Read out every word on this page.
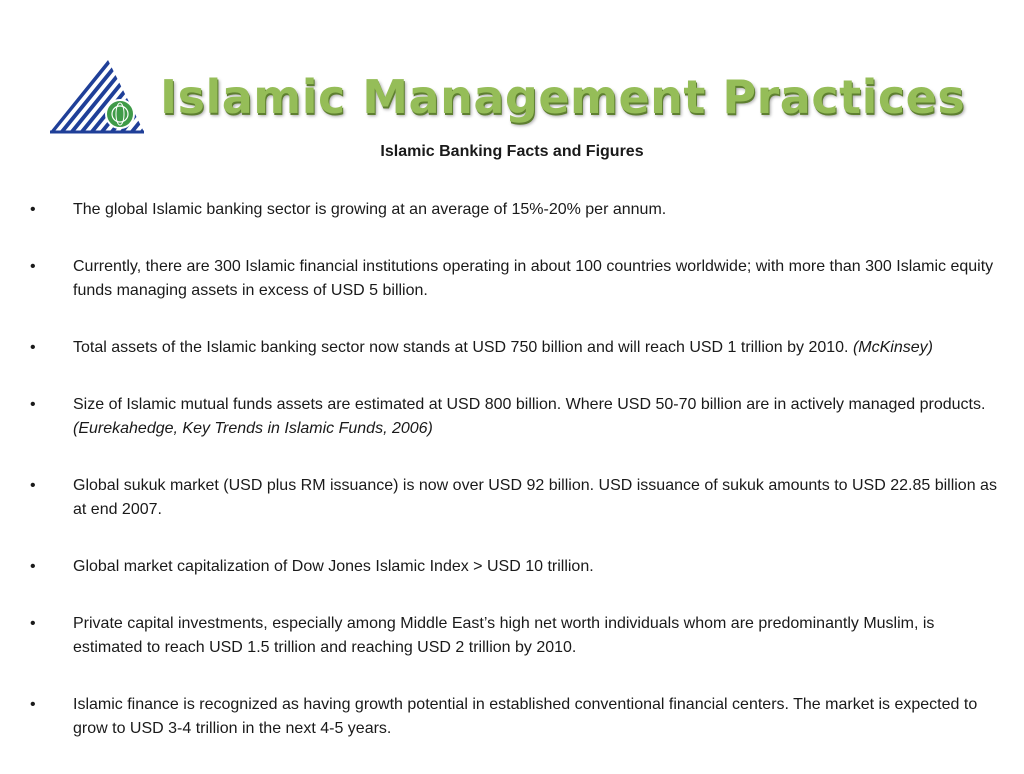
Islamic Management Practices
Islamic Banking Facts and Figures
•	The global Islamic banking sector is growing at an average of 15%-20% per annum.
•	Currently, there are 300 Islamic financial institutions operating in about 100 countries worldwide; with more than 300 Islamic equity funds managing assets in excess of USD 5 billion.
•	Total assets of the Islamic banking sector now stands at USD 750 billion and will reach USD 1 trillion by 2010. (McKinsey)
•	Size of Islamic mutual funds assets are estimated at USD 800 billion. Where USD 50-70 billion are in actively managed products. (Eurekahedge, Key Trends in Islamic Funds, 2006)
•	Global sukuk market (USD plus RM issuance) is now over USD 92 billion. USD issuance of sukuk amounts to USD 22.85 billion as at end 2007.
•	Global market capitalization of Dow Jones Islamic Index > USD 10 trillion.
•	Private capital investments, especially among Middle East’s high net worth individuals whom are predominantly Muslim, is estimated to reach USD 1.5 trillion and reaching USD 2 trillion by 2010.
•	Islamic finance is recognized as having growth potential in established conventional financial centers. The market is expected to grow to USD 3-4 trillion in the next 4-5 years.
